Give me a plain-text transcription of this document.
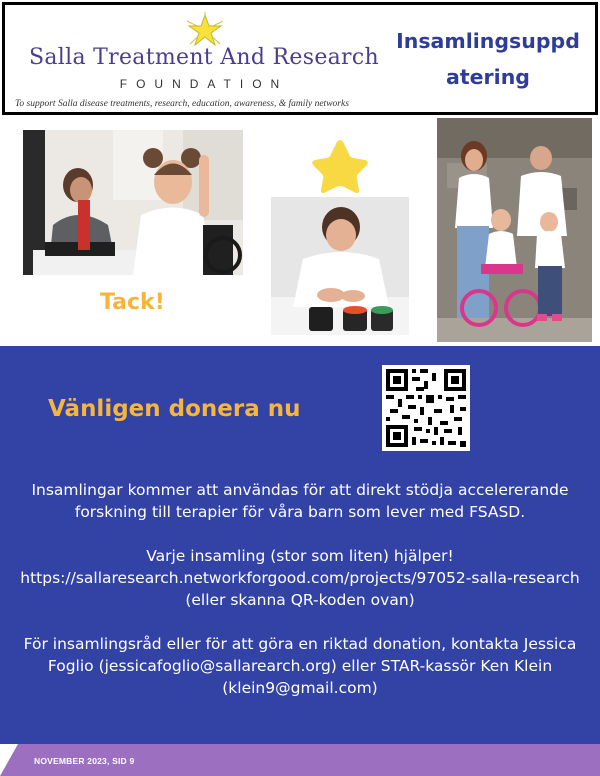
Salla Treatment And Research
FOUNDATION
To support Salla disease treatments, research, education, awareness, & family networks
Insamlingsuppd
atering
Tack!
Vänligen donera nu

Insamlingar kommer att användas för att direkt stödja accelererande forskning till terapier för våra barn som lever med FSASD.

Varje insamling (stor som liten) hjälper! https://sallaresearch.networkforgood.com/projects/97052-salla-research (eller skanna QR-koden ovan)

För insamlingsråd eller för att göra en riktad donation, kontakta Jessica Foglio (jessicafoglio@sallarearch.org) eller STAR-kassör Ken Klein (klein9@gmail.com)

NOVEMBER 2023, SID 9
